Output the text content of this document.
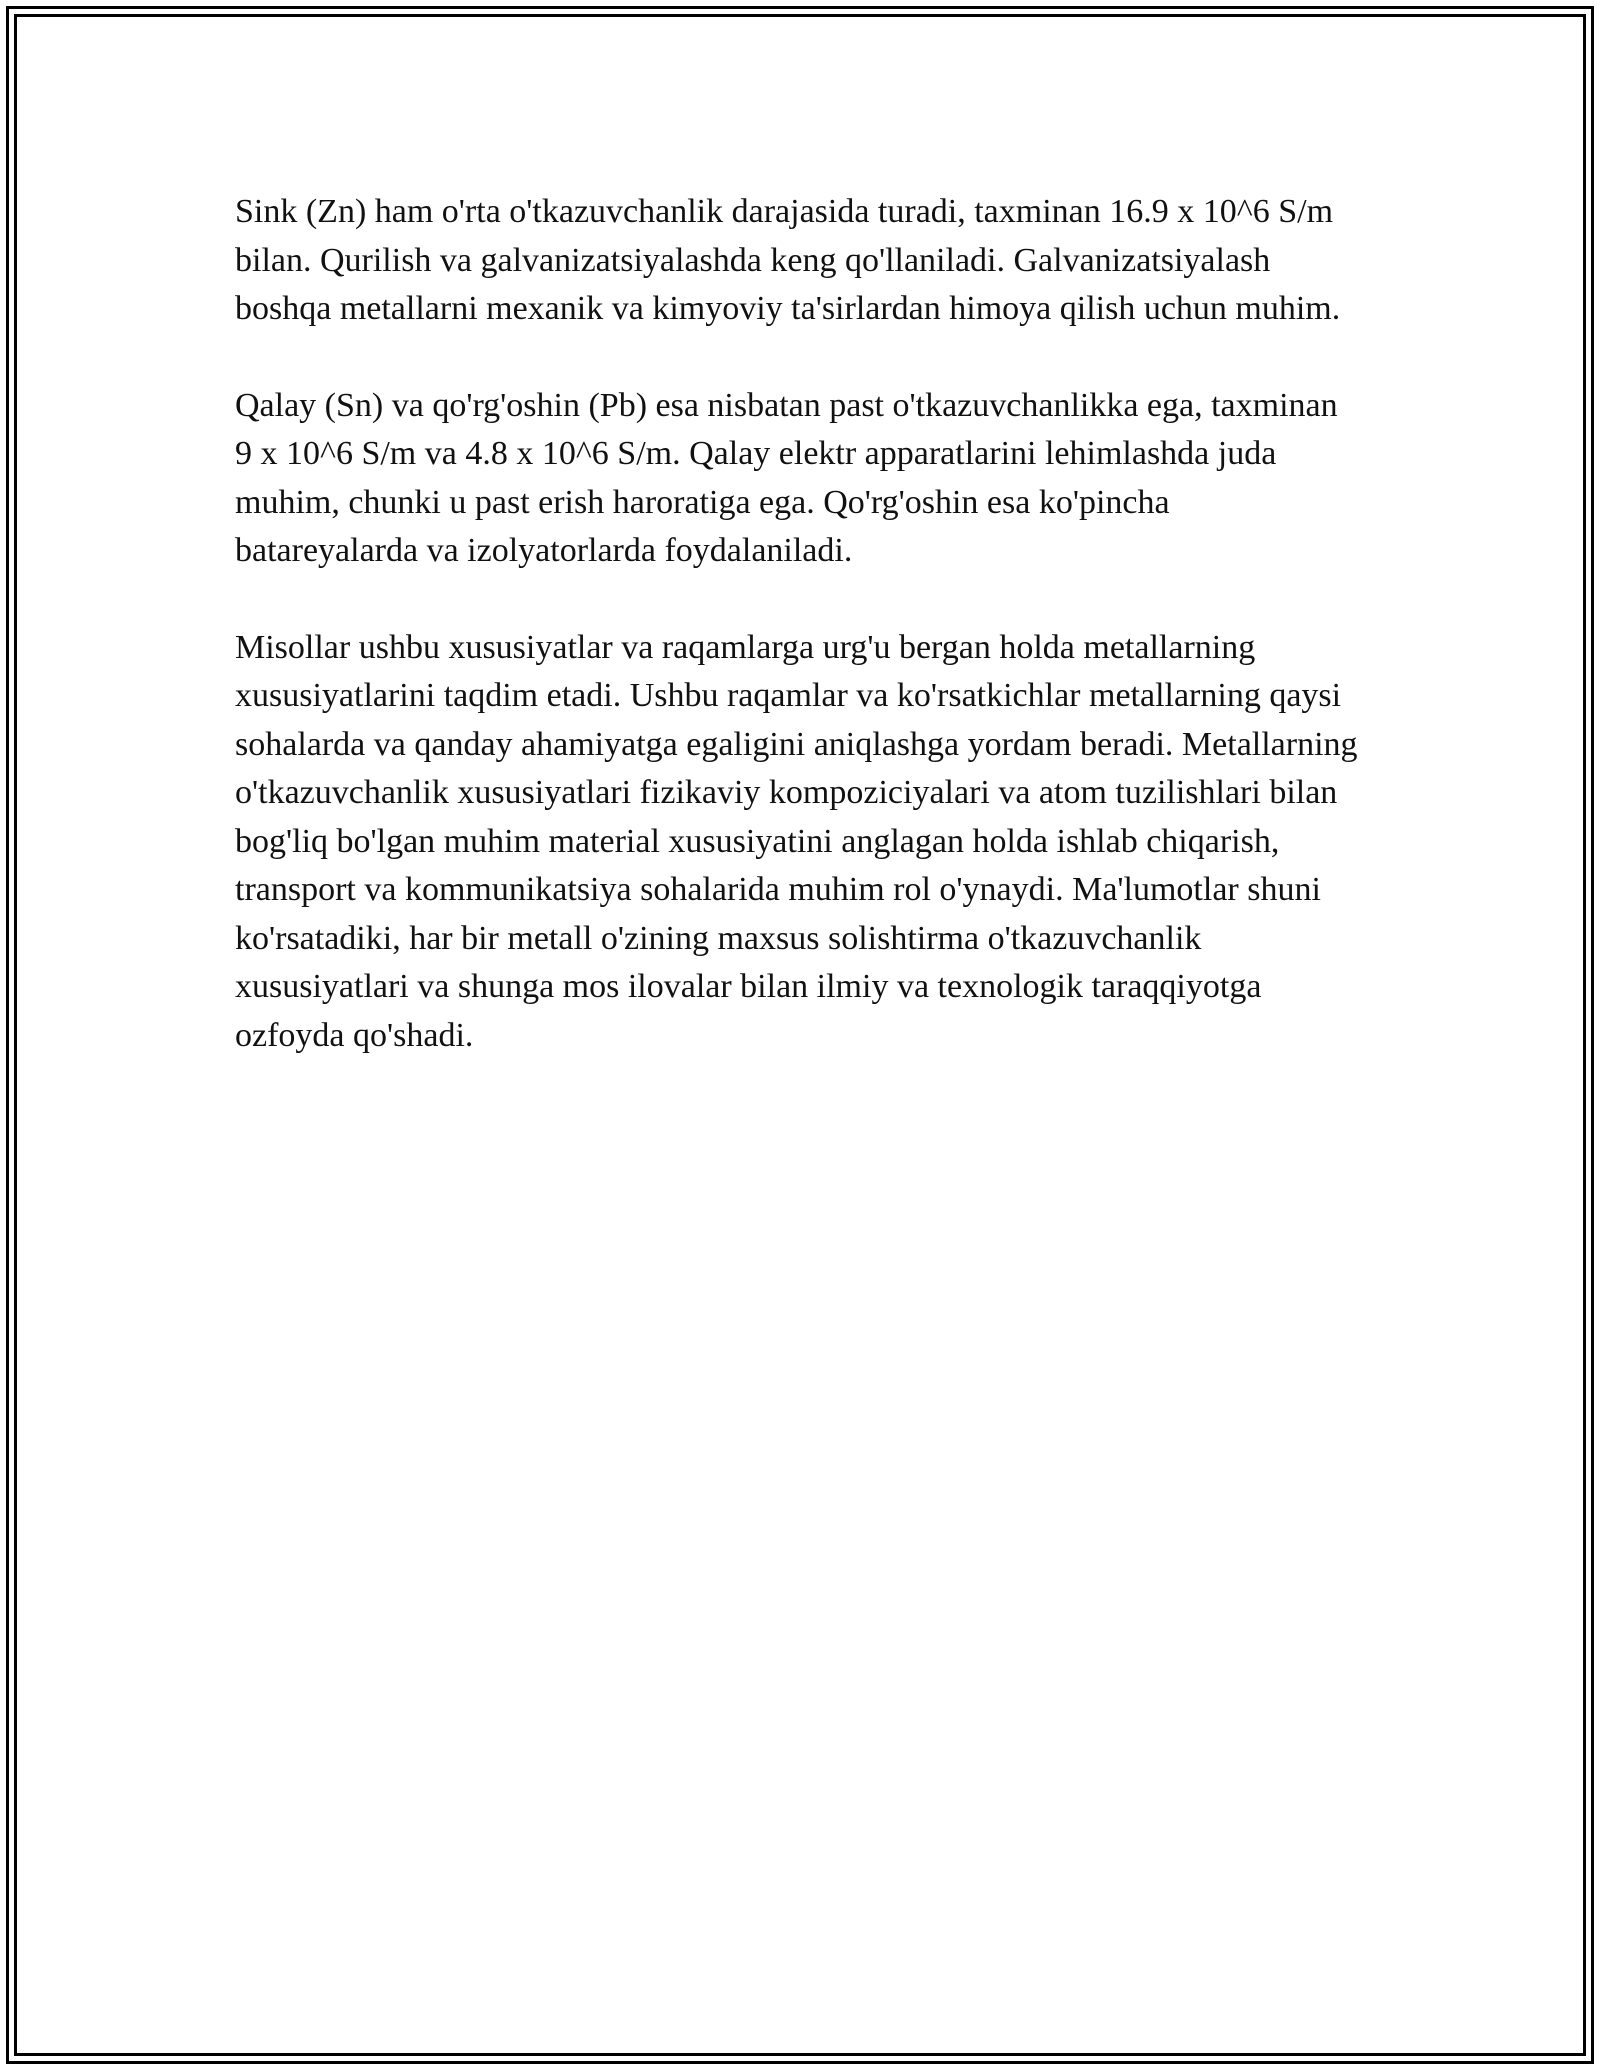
Sink (Zn) ham o'rta o'tkazuvchanlik darajasida turadi, taxminan 16.9 x 10^6 S/m bilan. Qurilish va galvanizatsiyalashda keng qo'llaniladi. Galvanizatsiyalash boshqa metallarni mexanik va kimyoviy ta'sirlardan himoya qilish uchun muhim.

Qalay (Sn) va qo'rg'oshin (Pb) esa nisbatan past o'tkazuvchanlikka ega, taxminan 9 x 10^6 S/m va 4.8 x 10^6 S/m. Qalay elektr apparatlarini lehimlashda juda muhim, chunki u past erish haroratiga ega. Qo'rg'oshin esa ko'pincha batareyalarda va izolyatorlarda foydalaniladi.

Misollar ushbu xususiyatlar va raqamlarga urg'u bergan holda metallarning xususiyatlarini taqdim etadi. Ushbu raqamlar va ko'rsatkichlar metallarning qaysi sohalarda va qanday ahamiyatga egaligini aniqlashga yordam beradi. Metallarning o'tkazuvchanlik xususiyatlari fizikaviy kompoziciyalari va atom tuzilishlari bilan bog'liq bo'lgan muhim material xususiyatini anglagan holda ishlab chiqarish, transport va kommunikatsiya sohalarida muhim rol o'ynaydi. Ma'lumotlar shuni ko'rsatadiki, har bir metall o'zining maxsus solishtirma o'tkazuvchanlik xususiyatlari va shunga mos ilovalar bilan ilmiy va texnologik taraqqiyotga ozfoyda qo'shadi.
